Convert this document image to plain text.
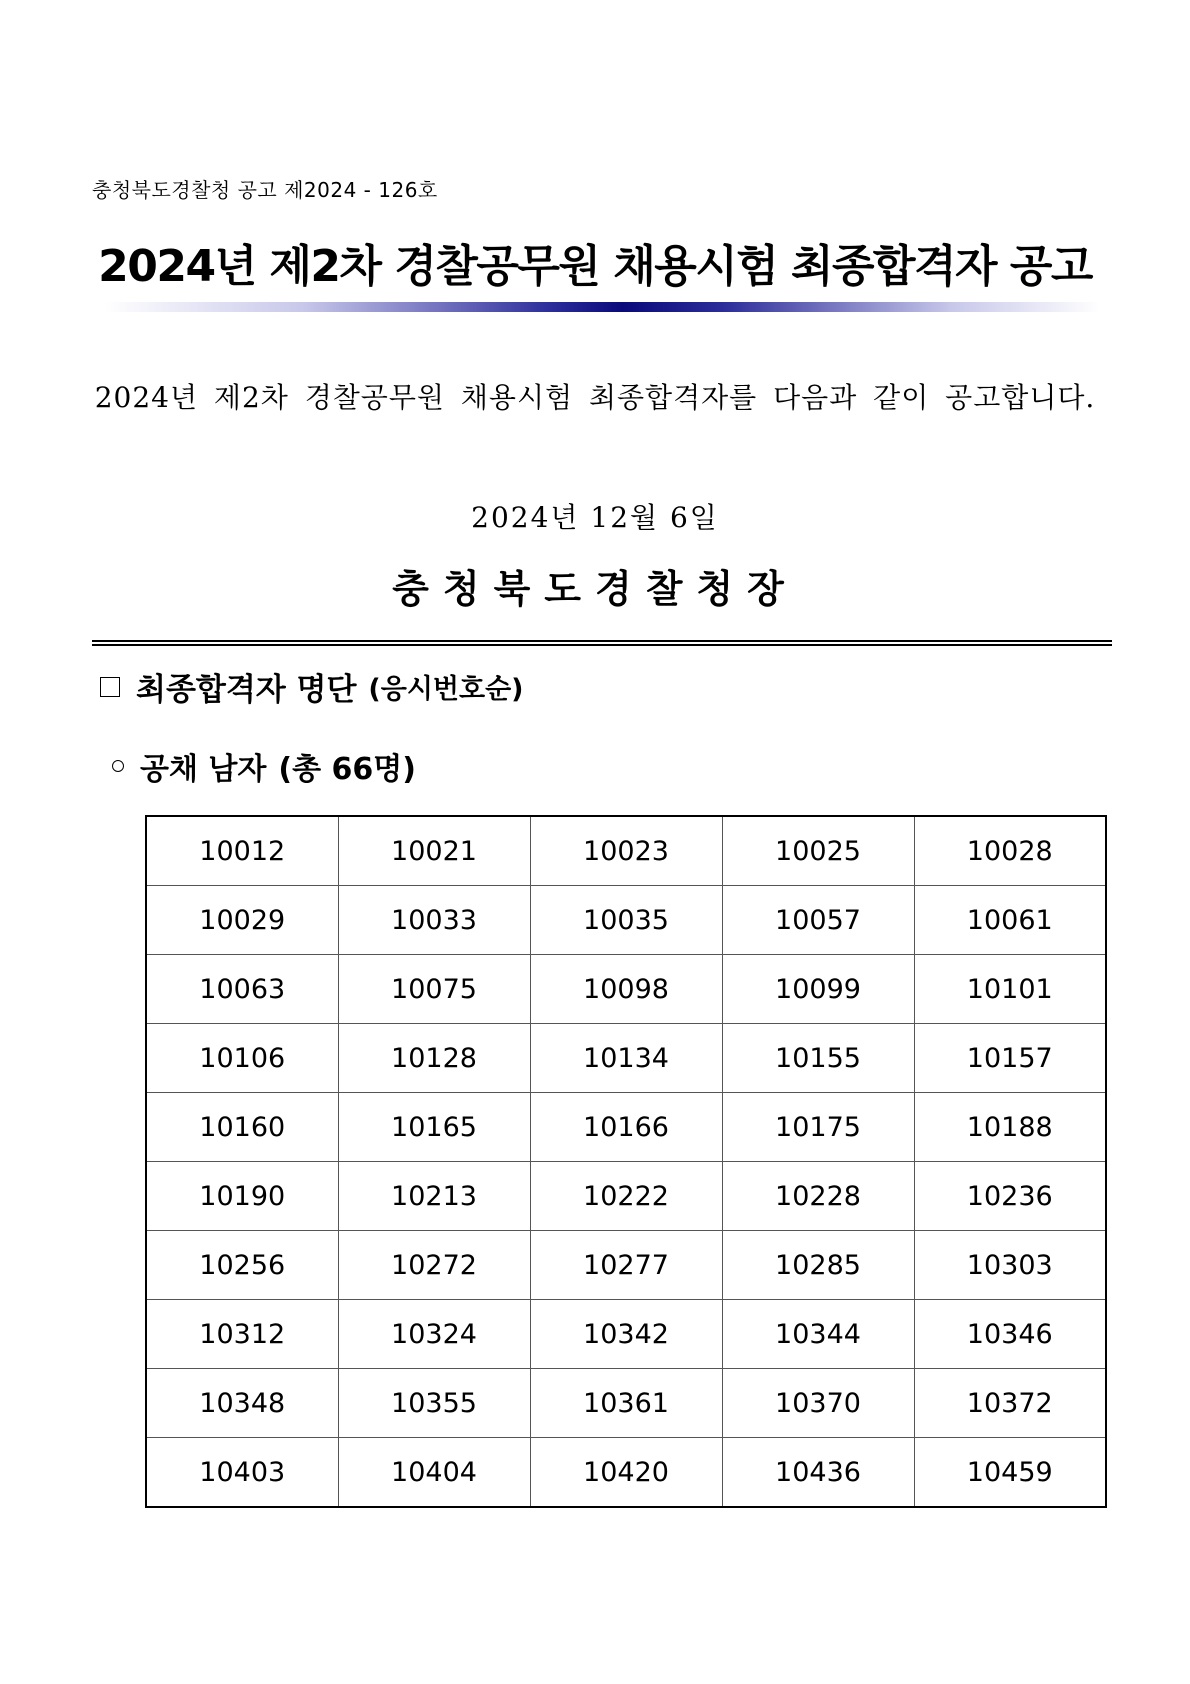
충청북도경찰청 공고 제2024 - 126호
2024년 제2차 경찰공무원 채용시험 최종합격자 공고
2024년 제2차 경찰공무원 채용시험 최종합격자를 다음과 같이 공고합니다.
2024년 12월 6일
충청북도경찰청장
최종합격자 명단 (응시번호순)
공채 남자 (총 66명)
10012	10021	10023	10025	10028
10029	10033	10035	10057	10061
10063	10075	10098	10099	10101
10106	10128	10134	10155	10157
10160	10165	10166	10175	10188
10190	10213	10222	10228	10236
10256	10272	10277	10285	10303
10312	10324	10342	10344	10346
10348	10355	10361	10370	10372
10403	10404	10420	10436	10459
